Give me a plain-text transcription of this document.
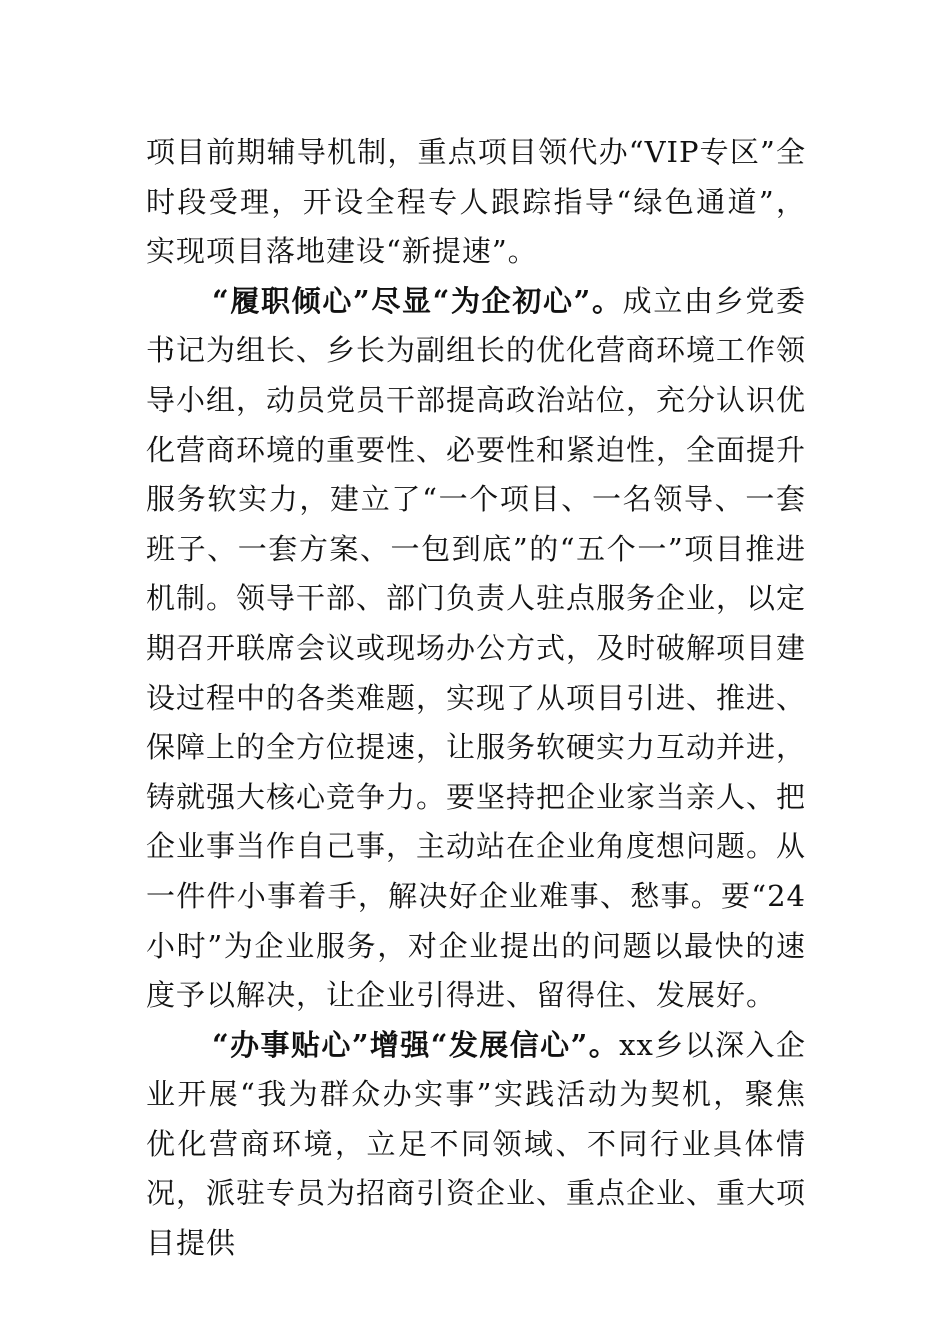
项目前期辅导机制，重点项目领代办“VIP专区”全时段受理，开设全程专人跟踪指导“绿色通道”，实现项目落地建设“新提速”。

“履职倾心”尽显“为企初心”。成立由乡党委书记为组长、乡长为副组长的优化营商环境工作领导小组，动员党员干部提高政治站位，充分认识优化营商环境的重要性、必要性和紧迫性，全面提升服务软实力，建立了“一个项目、一名领导、一套班子、一套方案、一包到底”的“五个一”项目推进机制。领导干部、部门负责人驻点服务企业，以定期召开联席会议或现场办公方式，及时破解项目建设过程中的各类难题，实现了从项目引进、推进、保障上的全方位提速，让服务软硬实力互动并进，铸就强大核心竞争力。要坚持把企业家当亲人、把企业事当作自己事，主动站在企业角度想问题。从一件件小事着手，解决好企业难事、愁事。要“24小时”为企业服务，对企业提出的问题以最快的速度予以解决，让企业引得进、留得住、发展好。

“办事贴心”增强“发展信心”。xx乡以深入企业开展“我为群众办实事”实践活动为契机，聚焦优化营商环境，立足不同领域、不同行业具体情况，派驻专员为招商引资企业、重点企业、重大项目提供
